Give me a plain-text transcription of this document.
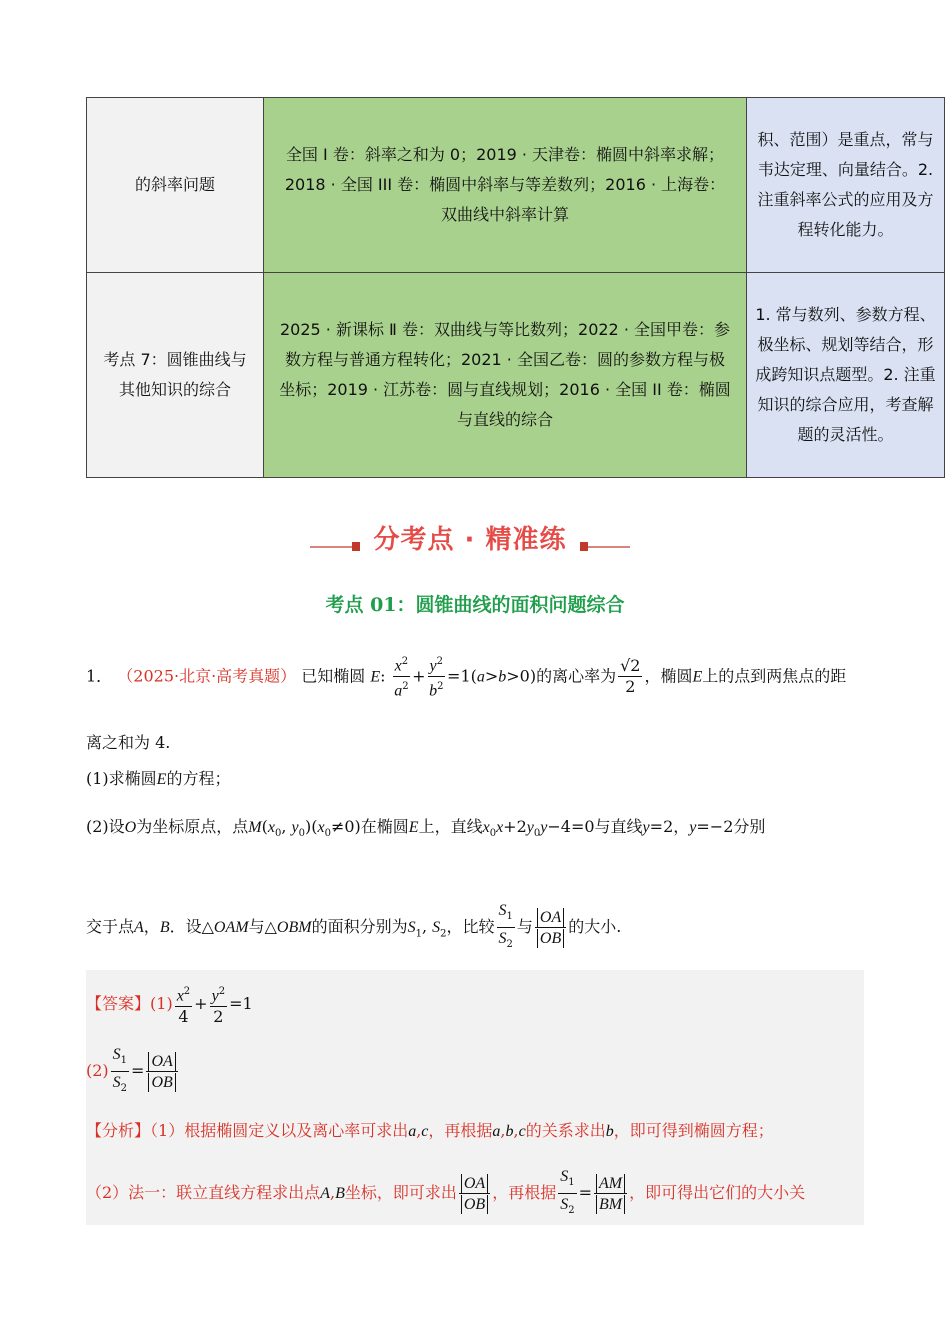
的斜率问题	全国 I 卷：斜率之和为 0；2019 · 天津卷：椭圆中斜率求解；2018 · 全国 III 卷：椭圆中斜率与等差数列；2016 · 上海卷：双曲线中斜率计算	积、范围）是重点，常与韦达定理、向量结合。2. 注重斜率公式的应用及方程转化能力。
考点 7：圆锥曲线与其他知识的综合	2025 · 新课标 Ⅱ 卷：双曲线与等比数列；2022 · 全国甲卷：参数方程与普通方程转化；2021 · 全国乙卷：圆的参数方程与极坐标；2019 · 江苏卷：圆与直线规划；2016 · 全国 II 卷：椭圆与直线的综合	1. 常与数列、参数方程、极坐标、规划等结合，形成跨知识点题型。2. 注重知识的综合应用，考查解题的灵活性。
分考点 · 精准练
考点 01：圆锥曲线的面积问题综合
1． （2025·北京·高考真题） 已知椭圆 E: $\frac{x^2}{a^2} + \frac{y^2}{b^2} =1(a>b>0)$的离心率为 $\frac{√2}{2}$ ，椭圆E上的点到两焦点的距
离之和为 4.
(1)求椭圆E的方程；
(2)设O为坐标原点，点$M(x_0$, $y_0)(x_0\ne 0)$在椭圆E上，直线$x_0x+2y_0y-4=0$与直线y=2，y=−2分别
交于点A，B．设△OAM与△OBM的面积分别为$S_1$, $S_2$，比较 $\frac{S_1}{S_2}$ 与 $\frac{OA}{OB}$ 的大小.
【答案】$(1) \frac{x^2}{4} + \frac{y^2}{2} =1$
$(2) \frac{S_1}{S_2} = \frac{OA}{OB}$
【分析】（1）根据椭圆定义以及离心率可求出a,c，再根据a,b,c的关系求出b，即可得到椭圆方程；
（2）法一：联立直线方程求出点A,B坐标，即可求出 $\frac{OA}{OB}$ ，再根据 $\frac{S_1}{S_2} = \frac{AM}{BM}$ ，即可得出它们的大小关
